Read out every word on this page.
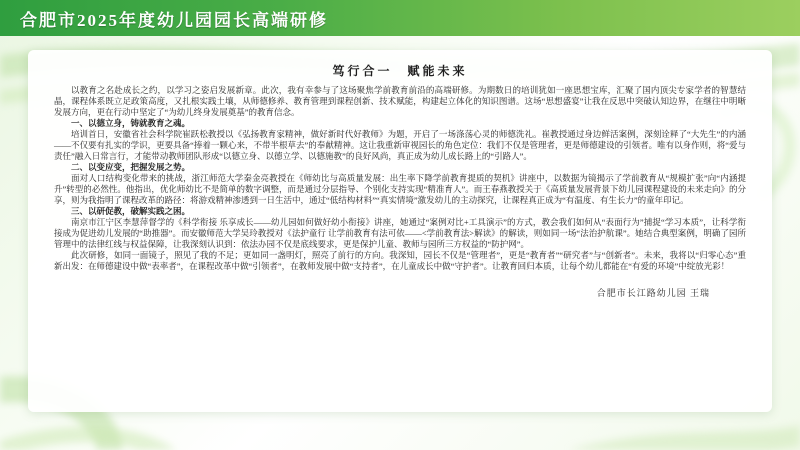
合肥市2025年度幼儿园园长高端研修
笃行合一　赋能未来

以教育之名赴成长之约，以学习之姿启发展新章。此次，我有幸参与了这场聚焦学前教育前沿的高端研修。为期数日的培训犹如一座思想宝库，汇聚了国内顶尖专家学者的智慧结晶，课程体系既立足政策高度，又扎根实践土壤，从师德修养、教育管理到课程创新、技术赋能，构建起立体化的知识图谱。这场“思想盛宴”让我在反思中突破认知边界，在继往中明晰发展方向，更在行动中坚定了“为幼儿终身发展奠基”的教育信念。

一、以德立身，铸就教育之魂。

培训首日，安徽省社会科学院崔跃松教授以《弘扬教育家精神，做好新时代好教师》为题，开启了一场涤荡心灵的师德洗礼。崔教授通过身边鲜活案例，深刻诠释了“大先生”的内涵——不仅要有扎实的学识，更要具备“捧着一颗心来，不带半根草去”的奉献精神。这让我重新审视园长的角色定位：我们不仅是管理者，更是师德建设的引领者。唯有以身作则，将“爱与责任”融入日常言行，才能带动教师团队形成“以德立身、以德立学、以德施教”的良好风尚，真正成为幼儿成长路上的“引路人”。

二、以变应变，把握发展之势。

面对人口结构变化带来的挑战，浙江师范大学秦金亮教授在《师幼比与高质量发展：出生率下降学前教育提质的契机》讲座中，以数据为镜揭示了学前教育从“规模扩张”向“内涵提升”转型的必然性。他指出，优化师幼比不是简单的数字调整，而是通过分层指导、个别化支持实现“精准育人”。而王春燕教授关于《高质量发展背景下幼儿园课程建设的未来走向》的分享，则为我指明了课程改革的路径：将游戏精神渗透到一日生活中，通过“低结构材料”“真实情境”激发幼儿的主动探究，让课程真正成为“有温度、有生长力”的童年印记。

三、以研促教，破解实践之困。

南京市江宁区李慧萍督学的《科学衔接 乐享成长——幼儿园如何做好幼小衔接》讲座，她通过“案例对比+工具演示”的方式，教会我们如何从“表面行为”捕捉“学习本质”，让科学衔接成为促进幼儿发展的“助推器”。而安徽师范大学吴玲教授对《法护童行 让学前教育有法可依——<学前教育法>解读》的解读，则如同一场“法治护航课”。她结合典型案例，明确了园所管理中的法律红线与权益保障，让我深刻认识到：依法办园不仅是底线要求，更是保护儿童、教师与园所三方权益的“防护网”。

此次研修，如同一面镜子，照见了我的不足；更如同一盏明灯，照亮了前行的方向。我深知，园长不仅是“管理者”，更是“教育者”“研究者”与“创新者”。未来，我将以“归零心态”重新出发：在师德建设中做“表率者”，在课程改革中做“引领者”，在教师发展中做“支持者”，在儿童成长中做“守护者”。让教育回归本质，让每个幼儿都能在“有爱的环境”中绽放光彩！

合肥市长江路幼儿园 王瑞
